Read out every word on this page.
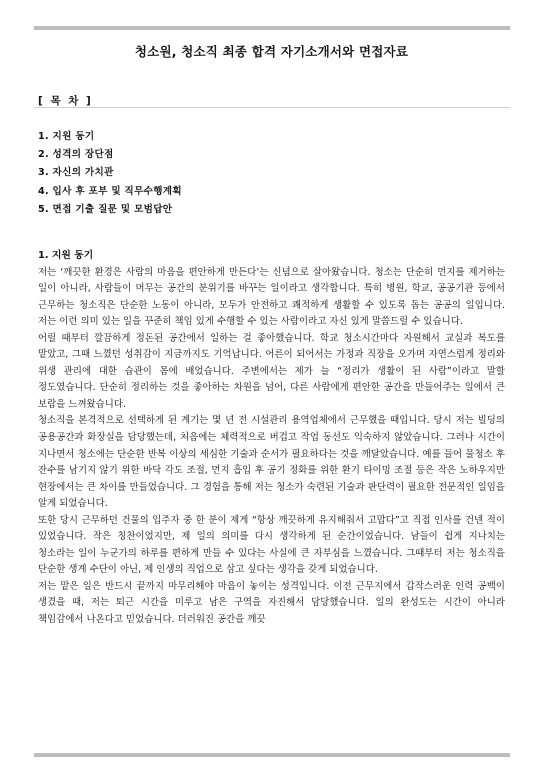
청소원, 청소직 최종 합격 자기소개서와 면접자료
[ 목 차 ]
1. 지원 동기
2. 성격의 장단점
3. 자신의 가치관
4. 입사 후 포부 및 직무수행계획
5. 면접 기출 질문 및 모범답안

1. 지원 동기

저는 ‘깨끗한 환경은 사람의 마음을 편안하게 만든다’는 신념으로 살아왔습니다. 청소는 단순히 먼지를 제거하는 일이 아니라, 사람들이 머무는 공간의 분위기를 바꾸는 일이라고 생각합니다. 특히 병원, 학교, 공공기관 등에서 근무하는 청소직은 단순한 노동이 아니라, 모두가 안전하고 쾌적하게 생활할 수 있도록 돕는 공공의 일입니다. 저는 이런 의미 있는 일을 꾸준히 책임 있게 수행할 수 있는 사람이라고 자신 있게 말씀드릴 수 있습니다.

어릴 때부터 깔끔하게 정돈된 공간에서 일하는 걸 좋아했습니다. 학교 청소시간마다 자원해서 교실과 복도를 맡았고, 그때 느꼈던 성취감이 지금까지도 기억납니다. 어른이 되어서는 가정과 직장을 오가며 자연스럽게 정리와 위생 관리에 대한 습관이 몸에 배었습니다. 주변에서는 제가 늘 “정리가 생활이 된 사람”이라고 말할 정도였습니다. 단순히 정리하는 것을 좋아하는 차원을 넘어, 다른 사람에게 편안한 공간을 만들어주는 일에서 큰 보람을 느껴왔습니다.

청소직을 본격적으로 선택하게 된 계기는 몇 년 전 시설관리 용역업체에서 근무했을 때입니다. 당시 저는 빌딩의 공용공간과 화장실을 담당했는데, 처음에는 체력적으로 버겁고 작업 동선도 익숙하지 않았습니다. 그러나 시간이 지나면서 청소에는 단순한 반복 이상의 세심한 기술과 순서가 필요하다는 것을 깨달았습니다. 예를 들어 물청소 후 잔수를 남기지 않기 위한 바닥 각도 조절, 먼지 흡입 후 공기 정화를 위한 환기 타이밍 조절 등은 작은 노하우지만 현장에서는 큰 차이를 만들었습니다. 그 경험을 통해 저는 청소가 숙련된 기술과 판단력이 필요한 전문적인 일임을 알게 되었습니다.

또한 당시 근무하던 건물의 입주자 중 한 분이 제게 “항상 깨끗하게 유지해줘서 고맙다”고 직접 인사를 건넨 적이 있었습니다. 작은 칭찬이었지만, 제 일의 의미를 다시 생각하게 된 순간이었습니다. 남들이 쉽게 지나치는 청소라는 일이 누군가의 하루를 편하게 만들 수 있다는 사실에 큰 자부심을 느꼈습니다. 그때부터 저는 청소직을 단순한 생계 수단이 아닌, 제 인생의 직업으로 삼고 싶다는 생각을 갖게 되었습니다.

저는 맡은 일은 반드시 끝까지 마무리해야 마음이 놓이는 성격입니다. 이전 근무지에서 갑작스러운 인력 공백이 생겼을 때, 저는 퇴근 시간을 미루고 남은 구역을 자진해서 담당했습니다. 일의 완성도는 시간이 아니라 책임감에서 나온다고 믿었습니다. 더러워진 공간을 깨끗
